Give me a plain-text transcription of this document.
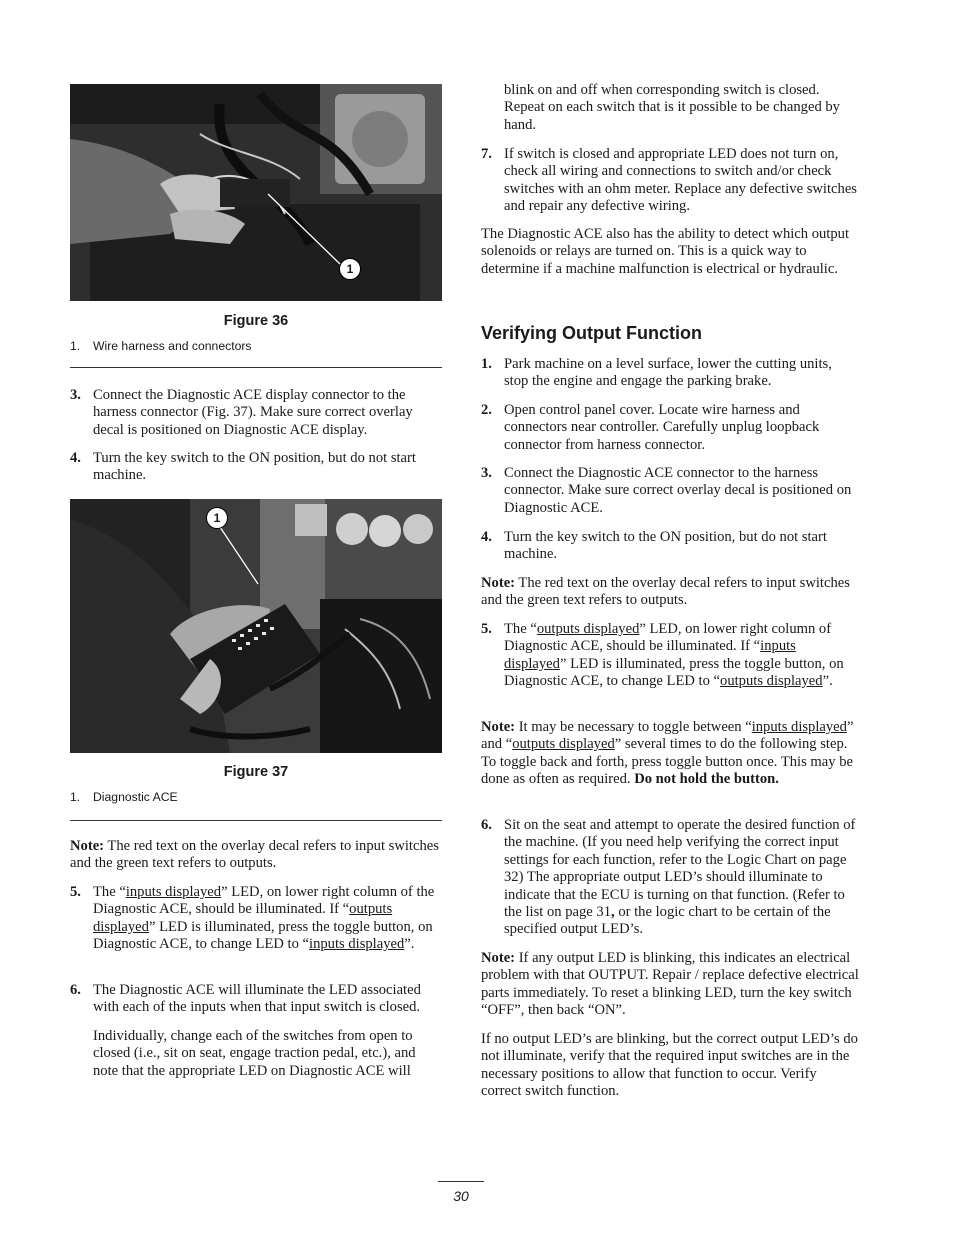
1
Figure 36
1. Wire harness and connectors

3. Connect the Diagnostic ACE display connector to the harness connector (Fig. 37). Make sure correct overlay decal is positioned on Diagnostic ACE display.

4. Turn the key switch to the ON position, but do not start machine.

1
Figure 37
1. Diagnostic ACE

Note: The red text on the overlay decal refers to input switches and the green text refers to outputs.

5. The “inputs displayed” LED, on lower right column of the Diagnostic ACE, should be illuminated. If “outputs displayed” LED is illuminated, press the toggle button, on Diagnostic ACE, to change LED to “inputs displayed”.

6. The Diagnostic ACE will illuminate the LED associated with each of the inputs when that input switch is closed.

Individually, change each of the switches from open to closed (i.e., sit on seat, engage traction pedal, etc.), and note that the appropriate LED on Diagnostic ACE will

blink on and off when corresponding switch is closed. Repeat on each switch that is it possible to be changed by hand.

7. If switch is closed and appropriate LED does not turn on, check all wiring and connections to switch and/or check switches with an ohm meter. Replace any defective switches and repair any defective wiring.

The Diagnostic ACE also has the ability to detect which output solenoids or relays are turned on. This is a quick way to determine if a machine malfunction is electrical or hydraulic.

Verifying Output Function

1. Park machine on a level surface, lower the cutting units, stop the engine and engage the parking brake.

2. Open control panel cover. Locate wire harness and connectors near controller. Carefully unplug loopback connector from harness connector.

3. Connect the Diagnostic ACE connector to the harness connector. Make sure correct overlay decal is positioned on Diagnostic ACE.

4. Turn the key switch to the ON position, but do not start machine.

Note: The red text on the overlay decal refers to input switches and the green text refers to outputs.

5. The “outputs displayed” LED, on lower right column of Diagnostic ACE, should be illuminated. If “inputs displayed” LED is illuminated, press the toggle button, on Diagnostic ACE, to change LED to “outputs displayed”.

Note: It may be necessary to toggle between “inputs displayed” and “outputs displayed” several times to do the following step. To toggle back and forth, press toggle button once. This may be done as often as required. Do not hold the button.

6. Sit on the seat and attempt to operate the desired function of the machine. (If you need help verifying the correct input settings for each function, refer to the Logic Chart on page 32) The appropriate output LED’s should illuminate to indicate that the ECU is turning on that function. (Refer to the list on page 31, or the logic chart to be certain of the specified output LED’s.

Note: If any output LED is blinking, this indicates an electrical problem with that OUTPUT. Repair / replace defective electrical parts immediately. To reset a blinking LED, turn the key switch “OFF”, then back “ON”.

If no output LED’s are blinking, but the correct output LED’s do not illuminate, verify that the required input switches are in the necessary positions to allow that function to occur. Verify correct switch function.

30
